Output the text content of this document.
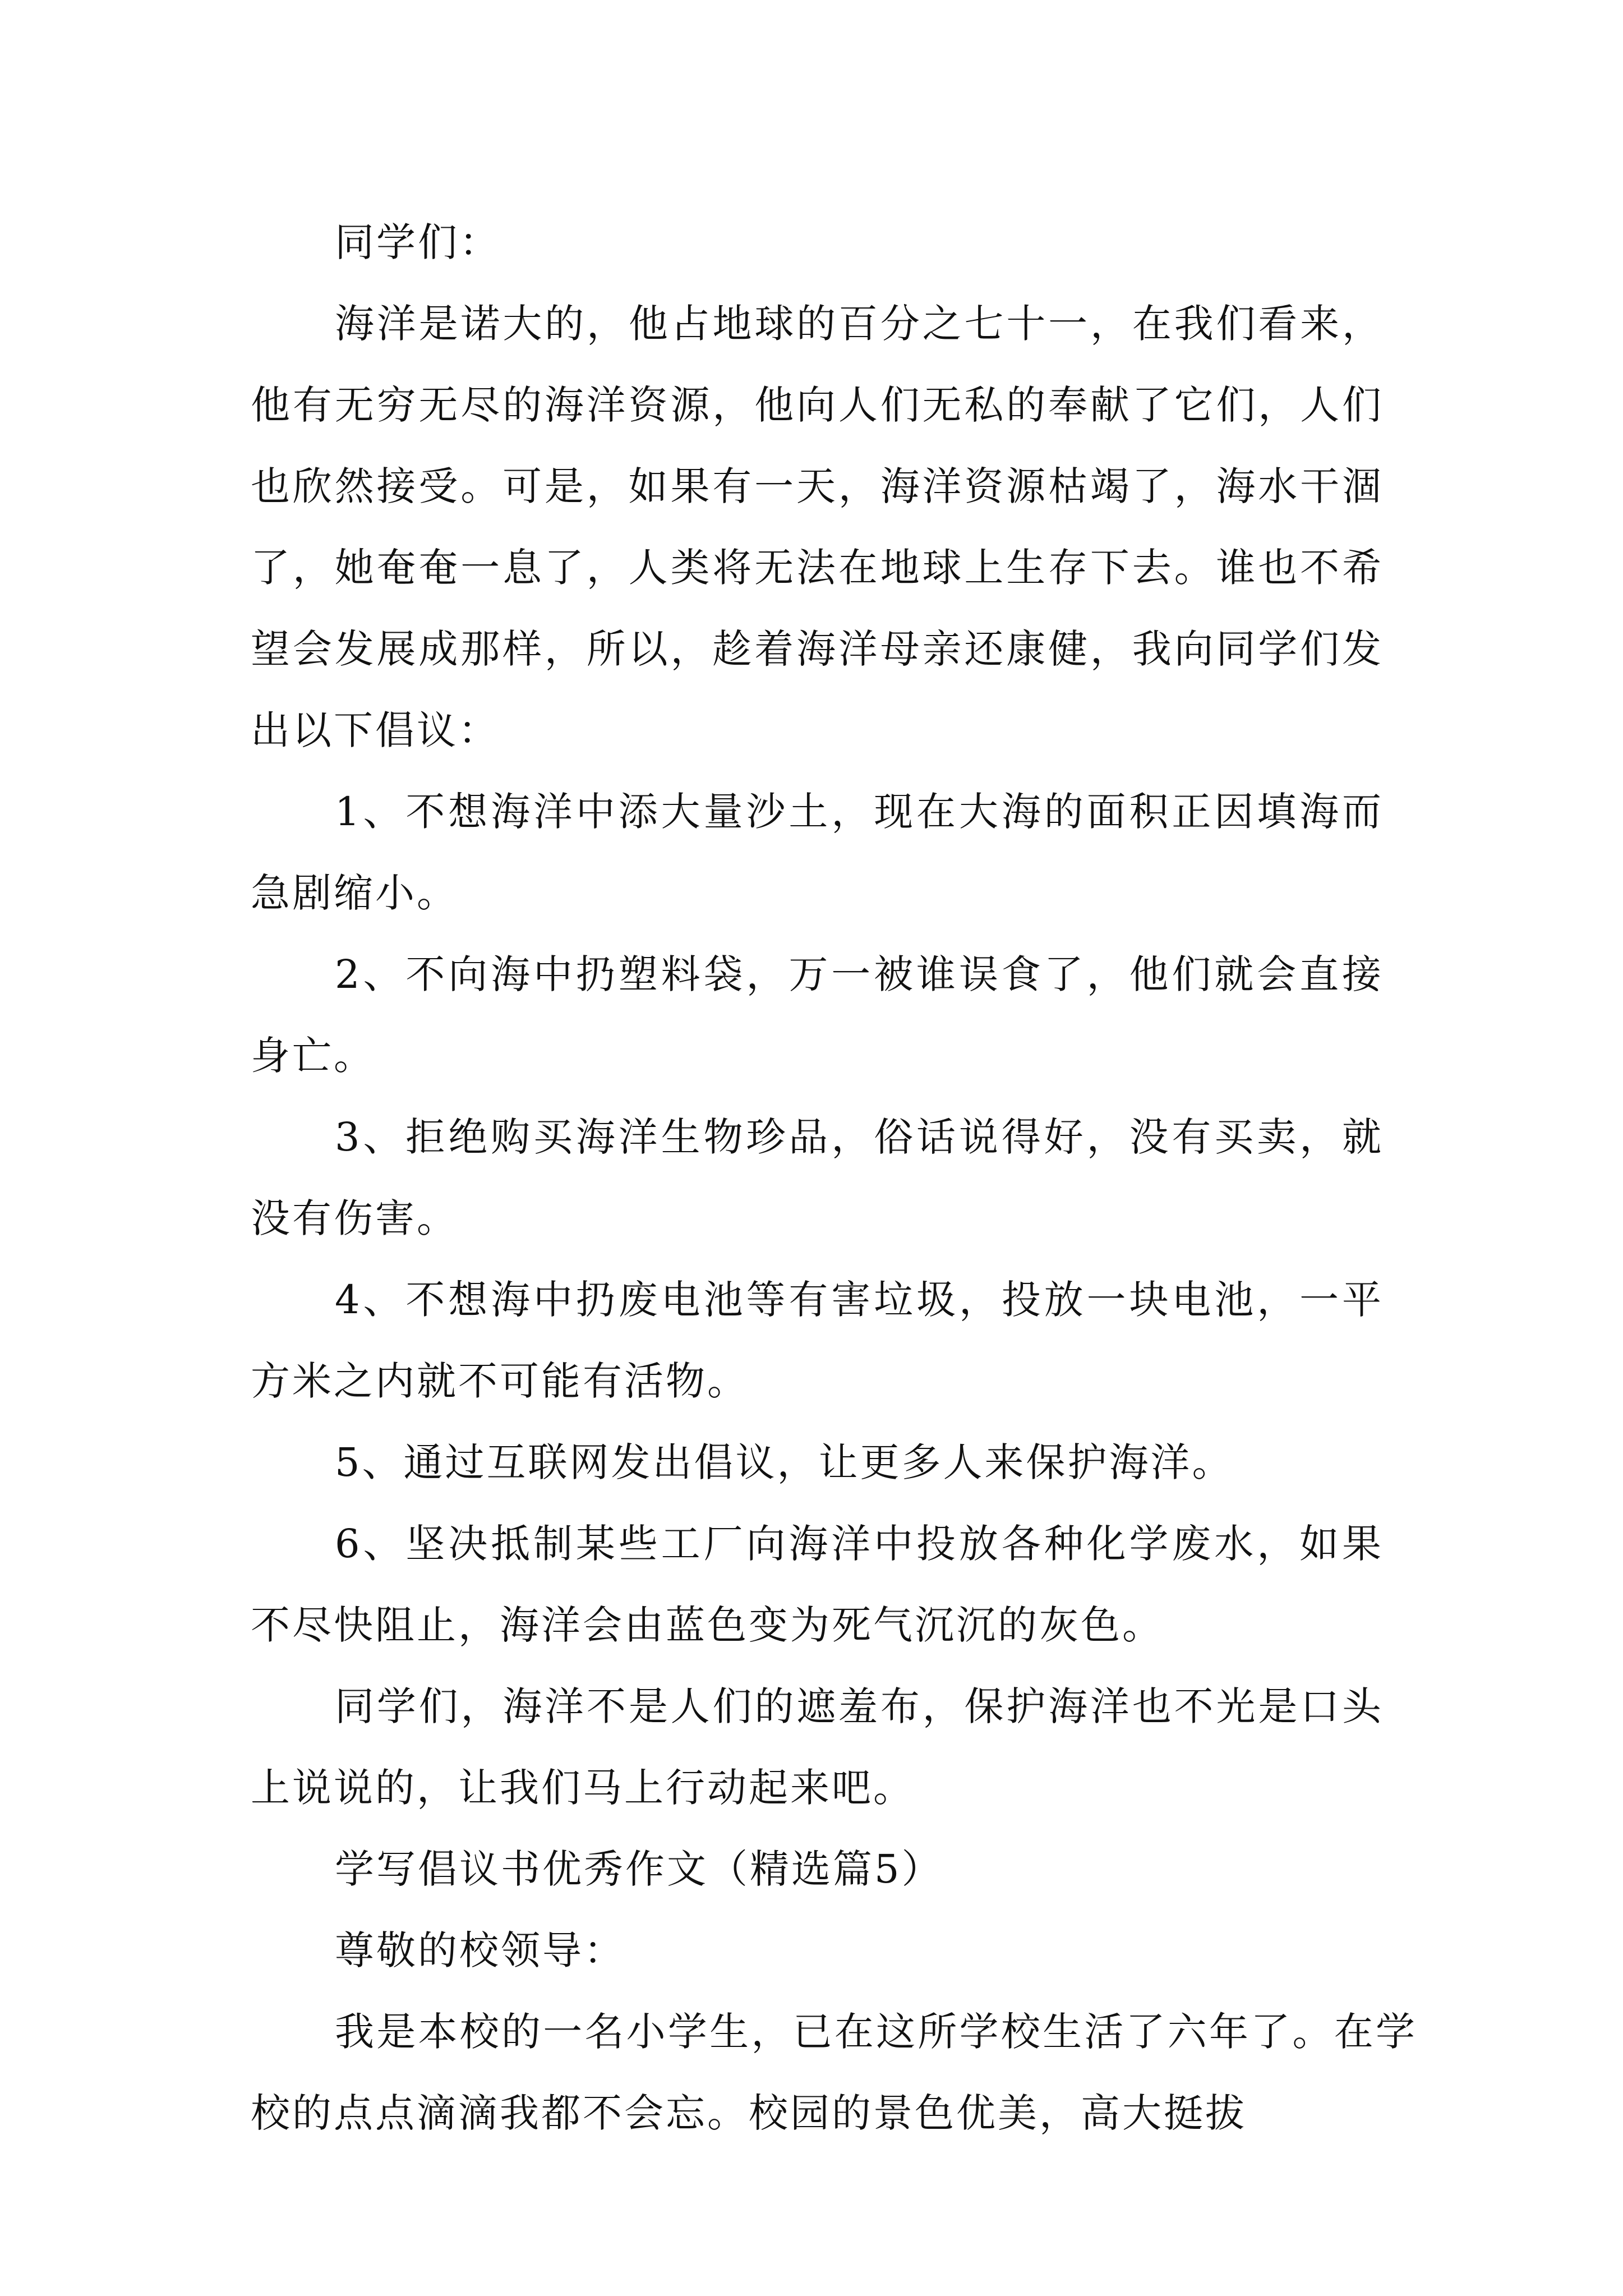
同学们：

海洋是诺大的，他占地球的百分之七十一，在我们看来，他有无穷无尽的海洋资源，他向人们无私的奉献了它们，人们也欣然接受。可是，如果有一天，海洋资源枯竭了，海水干涸了，她奄奄一息了，人类将无法在地球上生存下去。谁也不希望会发展成那样，所以，趁着海洋母亲还康健，我向同学们发出以下倡议：

1、不想海洋中添大量沙土，现在大海的面积正因填海而急剧缩小。

2、不向海中扔塑料袋，万一被谁误食了，他们就会直接身亡。

3、拒绝购买海洋生物珍品，俗话说得好，没有买卖，就没有伤害。

4、不想海中扔废电池等有害垃圾，投放一块电池，一平方米之内就不可能有活物。

5、通过互联网发出倡议，让更多人来保护海洋。

6、坚决抵制某些工厂向海洋中投放各种化学废水，如果不尽快阻止，海洋会由蓝色变为死气沉沉的灰色。

同学们，海洋不是人们的遮羞布，保护海洋也不光是口头上说说的，让我们马上行动起来吧。

学写倡议书优秀作文（精选篇5）

尊敬的校领导：

我是本校的一名小学生，已在这所学校生活了六年了。在学校的点点滴滴我都不会忘。校园的景色优美，高大挺拔
